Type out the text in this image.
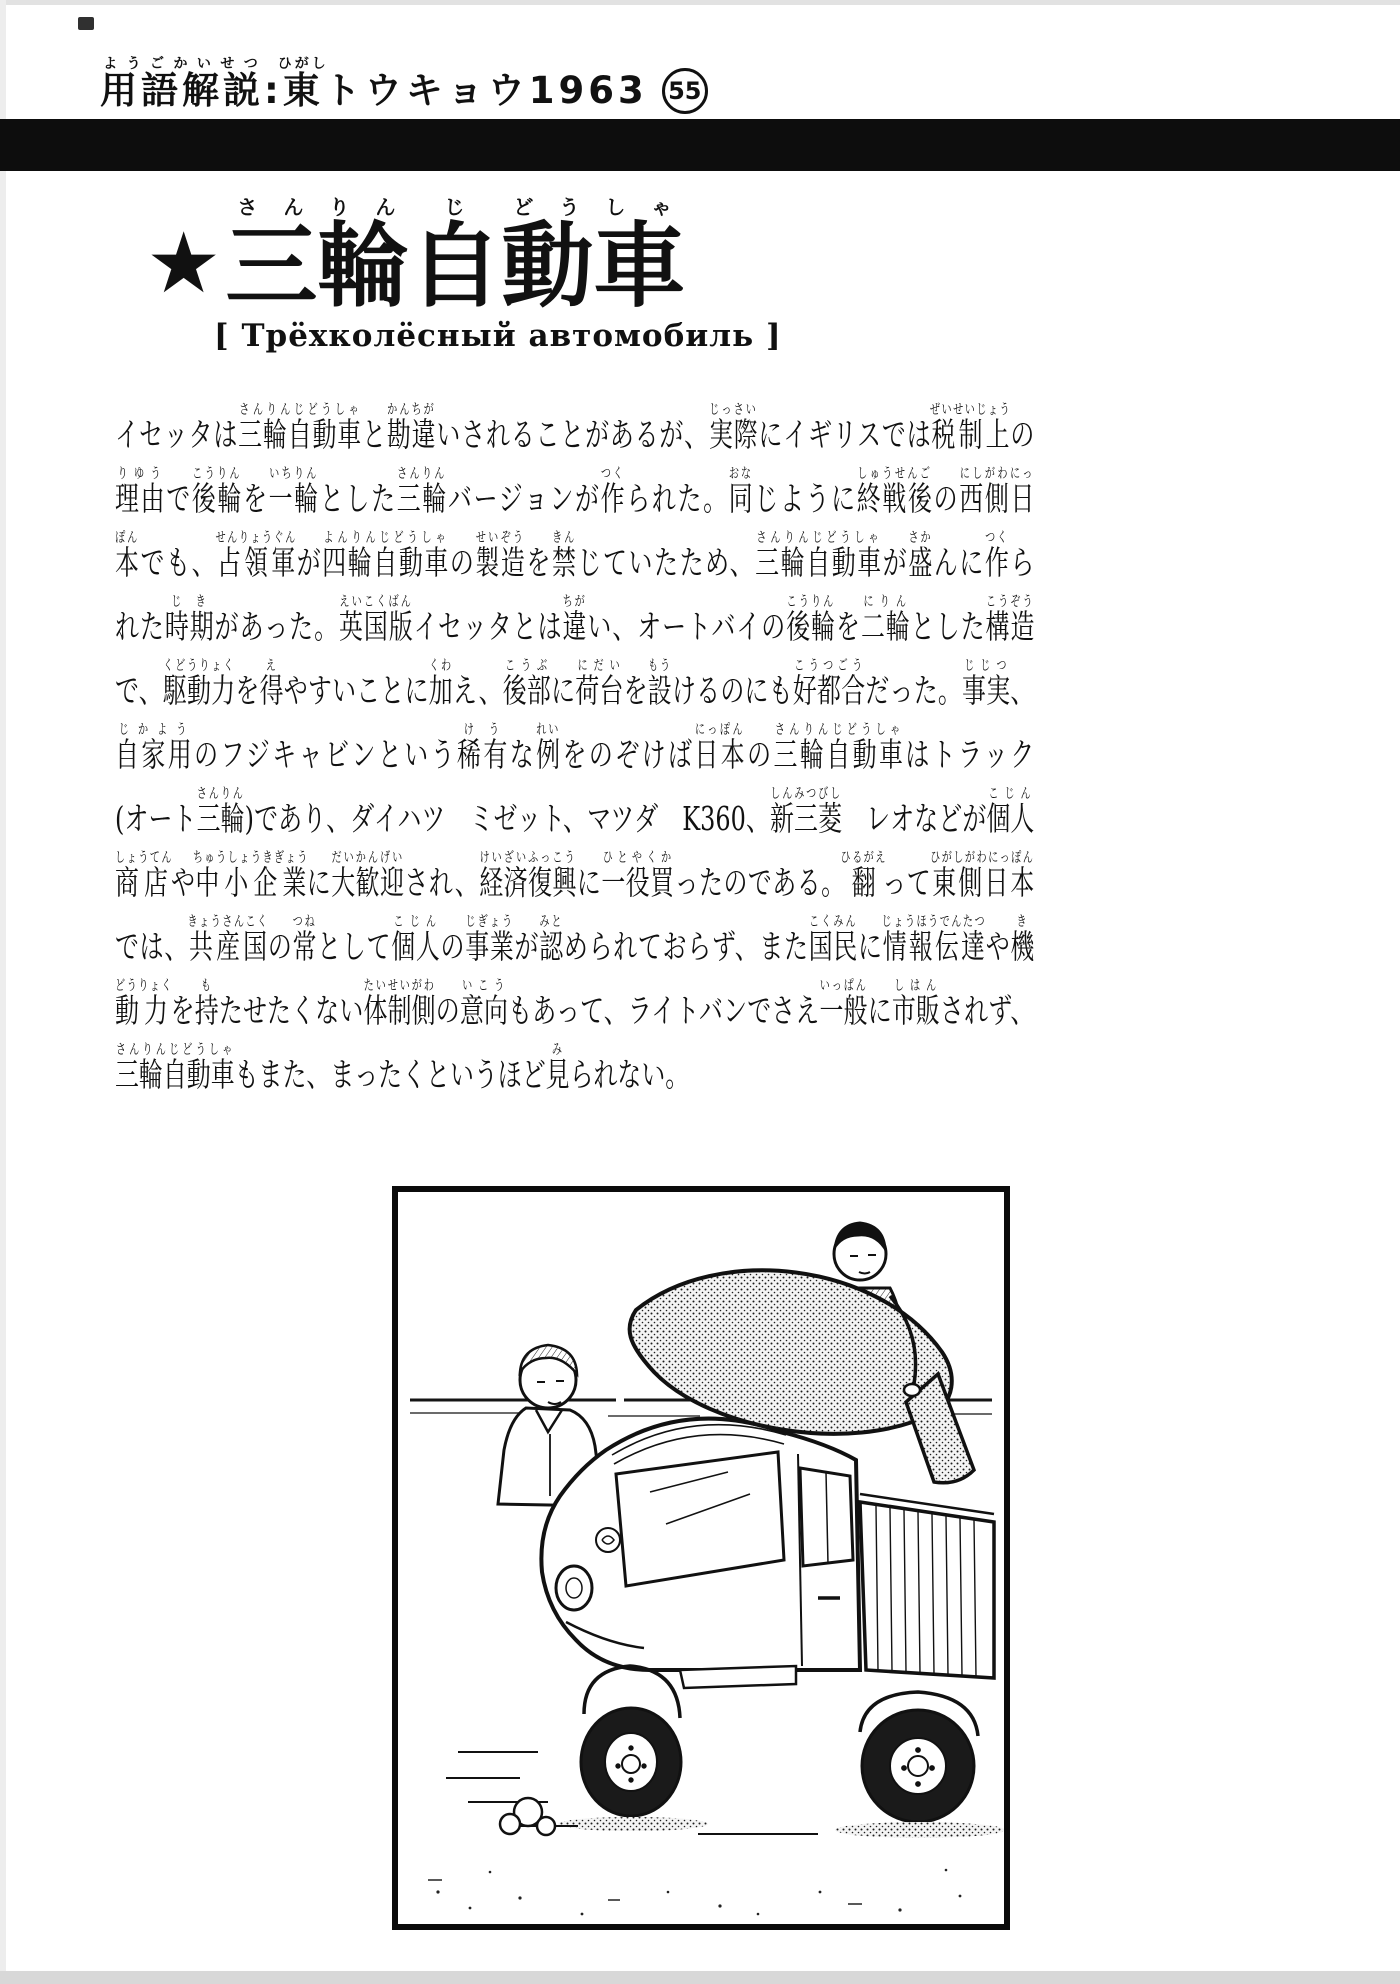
用語解説ようごかいせつ:東ひがしトウキョウ1963 55
★三さん輪りん自じ動どう車しゃ
[ Трёхколёсный автомобиль ]
イセッタは三輪自動車さんりんじどうしゃと勘違かんちがいされることがあるが、実際じっさいにイギリスでは税制上ぜいせいじょうの
理由りゆうで後輪こうりんを一輪いちりんとした三輪さんりんバージョンが作つくられた。同おなじように終戦後しゅうせんごの西側日にしがわにっ
本ぽんでも、占領軍せんりょうぐんが四輪自動車よんりんじどうしゃの製造せいぞうを禁きんじていたため、三輪自動車さんりんじどうしゃが盛さかんに作つくら
れた時期じきがあった。英国版えいこくばんイセッタとは違ちがい、オートバイの後輪こうりんを二輪にりんとした構造こうぞう
で、駆動力くどうりょくを得えやすいことに加くわえ、後部こうぶに荷台にだいを設もうけるのにも好都合こうつごうだった。事実じじつ、
自家用じかようのフジキャビンという稀有けうな例れいをのぞけば日本にっぽんの三輪自動車さんりんじどうしゃはトラック
(オート三輪さんりん)であり、ダイハツ　ミゼット、マツダ　K360、新三菱しんみつびし　レオなどが個人こじん
商店しょうてんや中小企業ちゅうしょうきぎょうに大歓迎だいかんげいされ、経済復興けいざいふっこうに一役買ひとやくかったのである。翻ひるがえって東側日本ひがしがわにっぽん
では、共産国きょうさんこくの常つねとして個人こじんの事業じぎょうが認みとめられておらず、また国民こくみんに情報伝達じょうほうでんたつや機き
動力どうりょくを持もたせたくない体制側たいせいがわの意向いこうもあって、ライトバンでさえ一般いっぱんに市販しはんされず、
三輪自動車さんりんじどうしゃもまた、まったくというほど見みられない。
